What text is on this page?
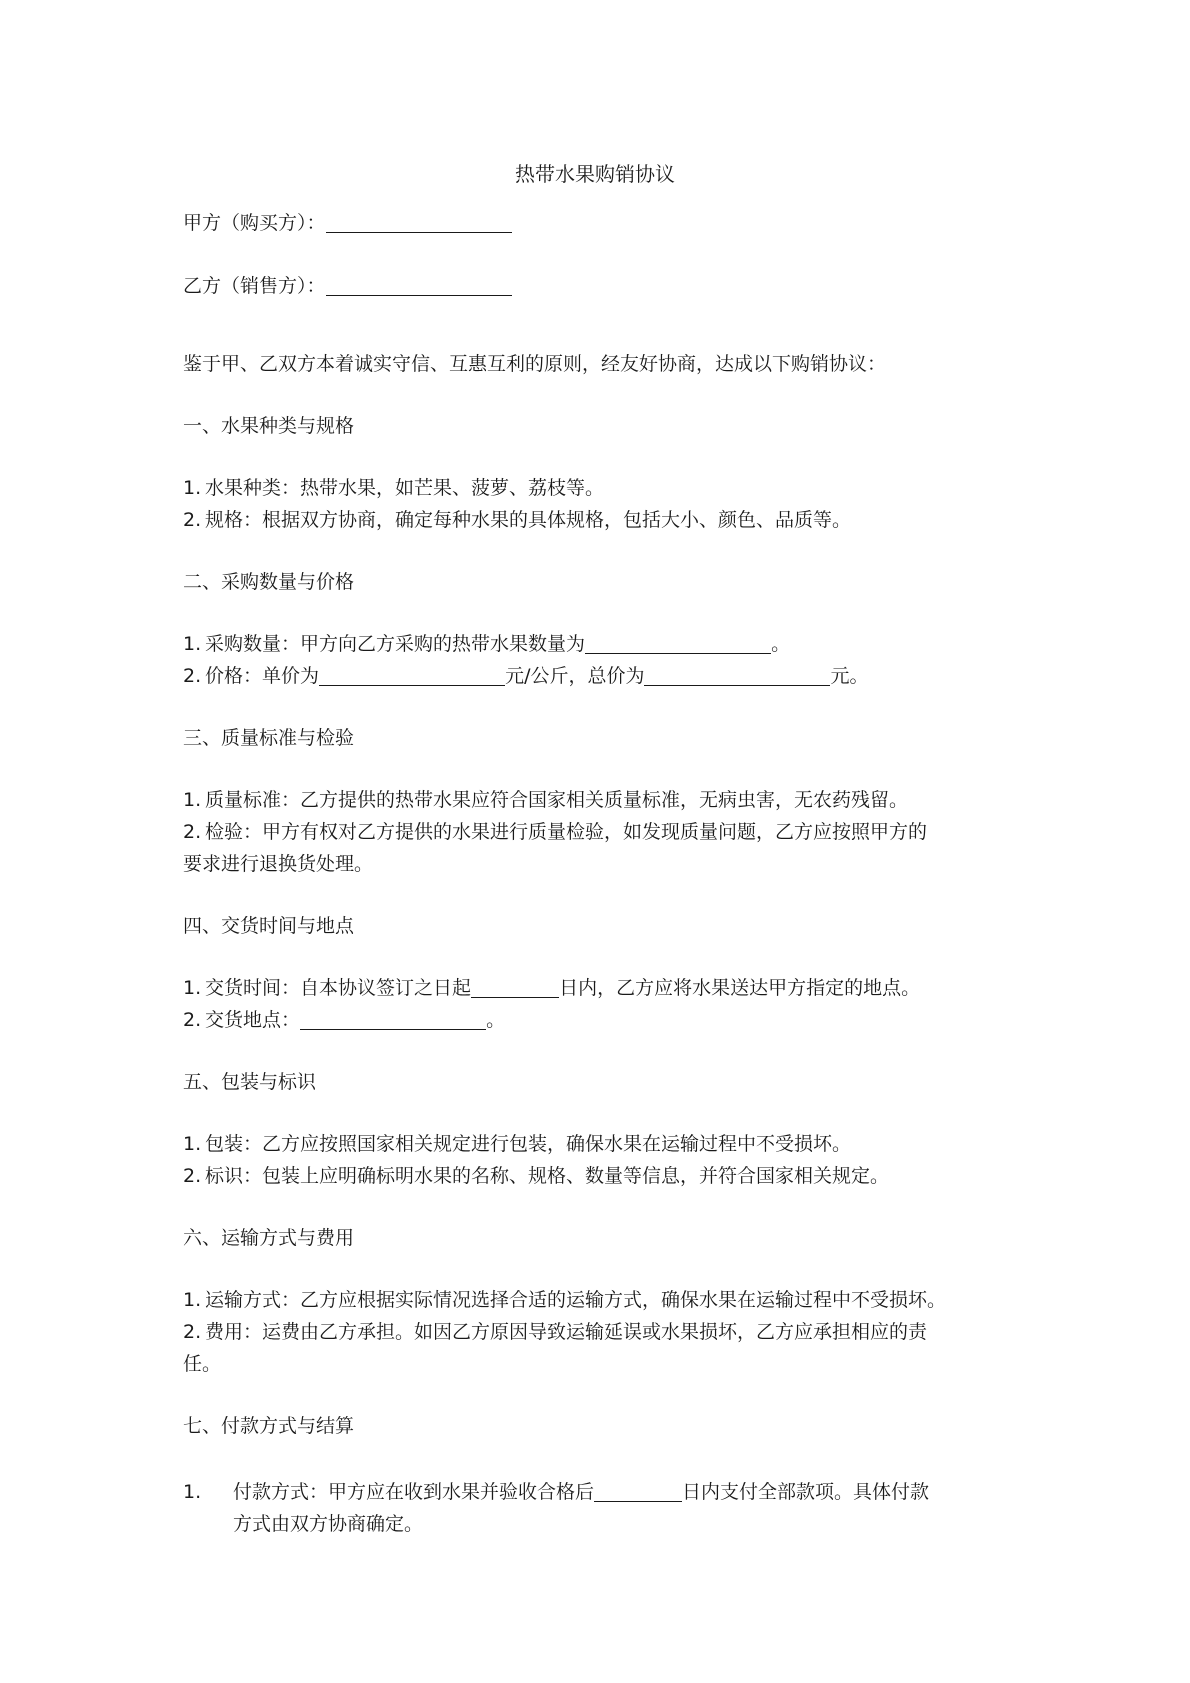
热带水果购销协议
甲方（购买方）：
乙方（销售方）：
鉴于甲、乙双方本着诚实守信、互惠互利的原则，经友好协商，达成以下购销协议：
一、水果种类与规格
1. 水果种类：热带水果，如芒果、菠萝、荔枝等。
2. 规格：根据双方协商，确定每种水果的具体规格，包括大小、颜色、品质等。
二、采购数量与价格
1. 采购数量：甲方向乙方采购的热带水果数量为	。
2. 价格：单价为	元/公斤，总价为	元。
三、质量标准与检验
1. 质量标准：乙方提供的热带水果应符合国家相关质量标准，无病虫害，无农药残留。
2. 检验：甲方有权对乙方提供的水果进行质量检验，如发现质量问题，乙方应按照甲方的
要求进行退换货处理。
四、交货时间与地点
1. 交货时间：自本协议签订之日起	日内，乙方应将水果送达甲方指定的地点。
2. 交货地点：	。
五、包装与标识
1. 包装：乙方应按照国家相关规定进行包装，确保水果在运输过程中不受损坏。
2. 标识：包装上应明确标明水果的名称、规格、数量等信息，并符合国家相关规定。
六、运输方式与费用
1. 运输方式：乙方应根据实际情况选择合适的运输方式，确保水果在运输过程中不受损坏。
2. 费用：运费由乙方承担。如因乙方原因导致运输延误或水果损坏，乙方应承担相应的责
任。
七、付款方式与结算
1. 付款方式：甲方应在收到水果并验收合格后	日内支付全部款项。具体付款
方式由双方协商确定。
